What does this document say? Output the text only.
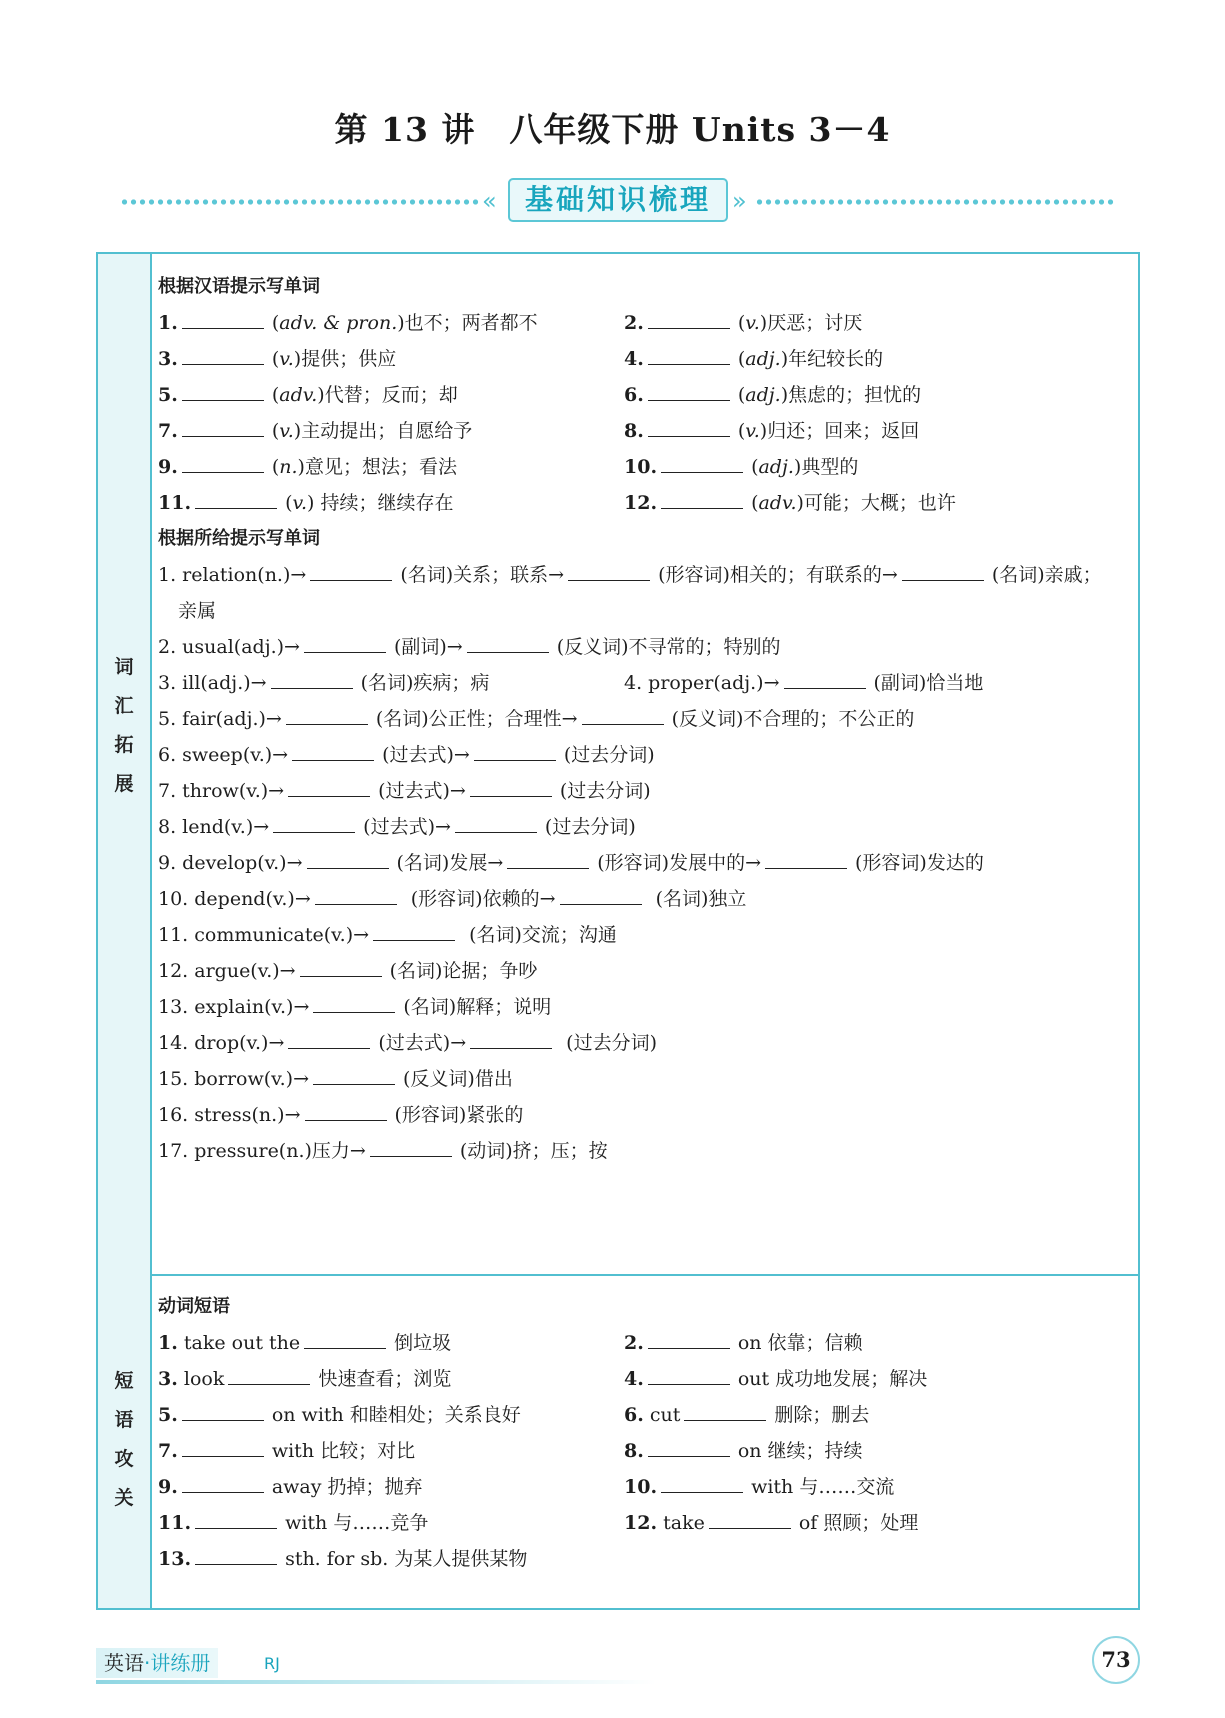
第 13 讲　八年级下册 Units 3－4
«	基础知识梳理 »
词
汇
拓
展
根据汉语提示写单词
1.	(adv. & pron.)也不；两者都不	2.	(v.)厌恶；讨厌
3.	(v.)提供；供应	4.	(adj.)年纪较长的
5.	(adv.)代替；反而；却	6.	(adj.)焦虑的；担忧的
7.	(v.)主动提出；自愿给予	8.	(v.)归还；回来；返回
9.	(n.)意见；想法；看法	10.	(adj.)典型的
11.	(v.) 持续；继续存在	12.	(adv.)可能；大概；也许
根据所给提示写单词
1. relation(n.)→	(名词)关系；联系→	(形容词)相关的；有联系的→	(名词)亲戚；
亲属
2. usual(adj.)→	(副词)→	(反义词)不寻常的；特别的
3. ill(adj.)→	(名词)疾病；病	4. proper(adj.)→	(副词)恰当地
5. fair(adj.)→	(名词)公正性；合理性→	(反义词)不合理的；不公正的
6. sweep(v.)→	(过去式)→	(过去分词)
7. throw(v.)→	(过去式)→	(过去分词)
8. lend(v.)→	(过去式)→	(过去分词)
9. develop(v.)→	(名词)发展→	(形容词)发展中的→	(形容词)发达的
10. depend(v.)→	(形容词)依赖的→	(名词)独立
11. communicate(v.)→	(名词)交流；沟通
12. argue(v.)→	(名词)论据；争吵
13. explain(v.)→	(名词)解释；说明
14. drop(v.)→	(过去式)→	(过去分词)
15. borrow(v.)→	(反义词)借出
16. stress(n.)→	(形容词)紧张的
17. pressure(n.)压力→	(动词)挤；压；按
短
语
攻
关
动词短语
1. take out the	倒垃圾	2.	on 依靠；信赖
3. look	快速查看；浏览	4.	out 成功地发展；解决
5.	on with 和睦相处；关系良好	6. cut	删除；删去
7.	with 比较；对比	8.	on 继续；持续
9.	away 扔掉；抛弃	10.	with 与……交流
11.	with 与……竞争	12. take	of 照顾；处理
13.	sth. for sb. 为某人提供某物
英语·讲练册	RJ	73
